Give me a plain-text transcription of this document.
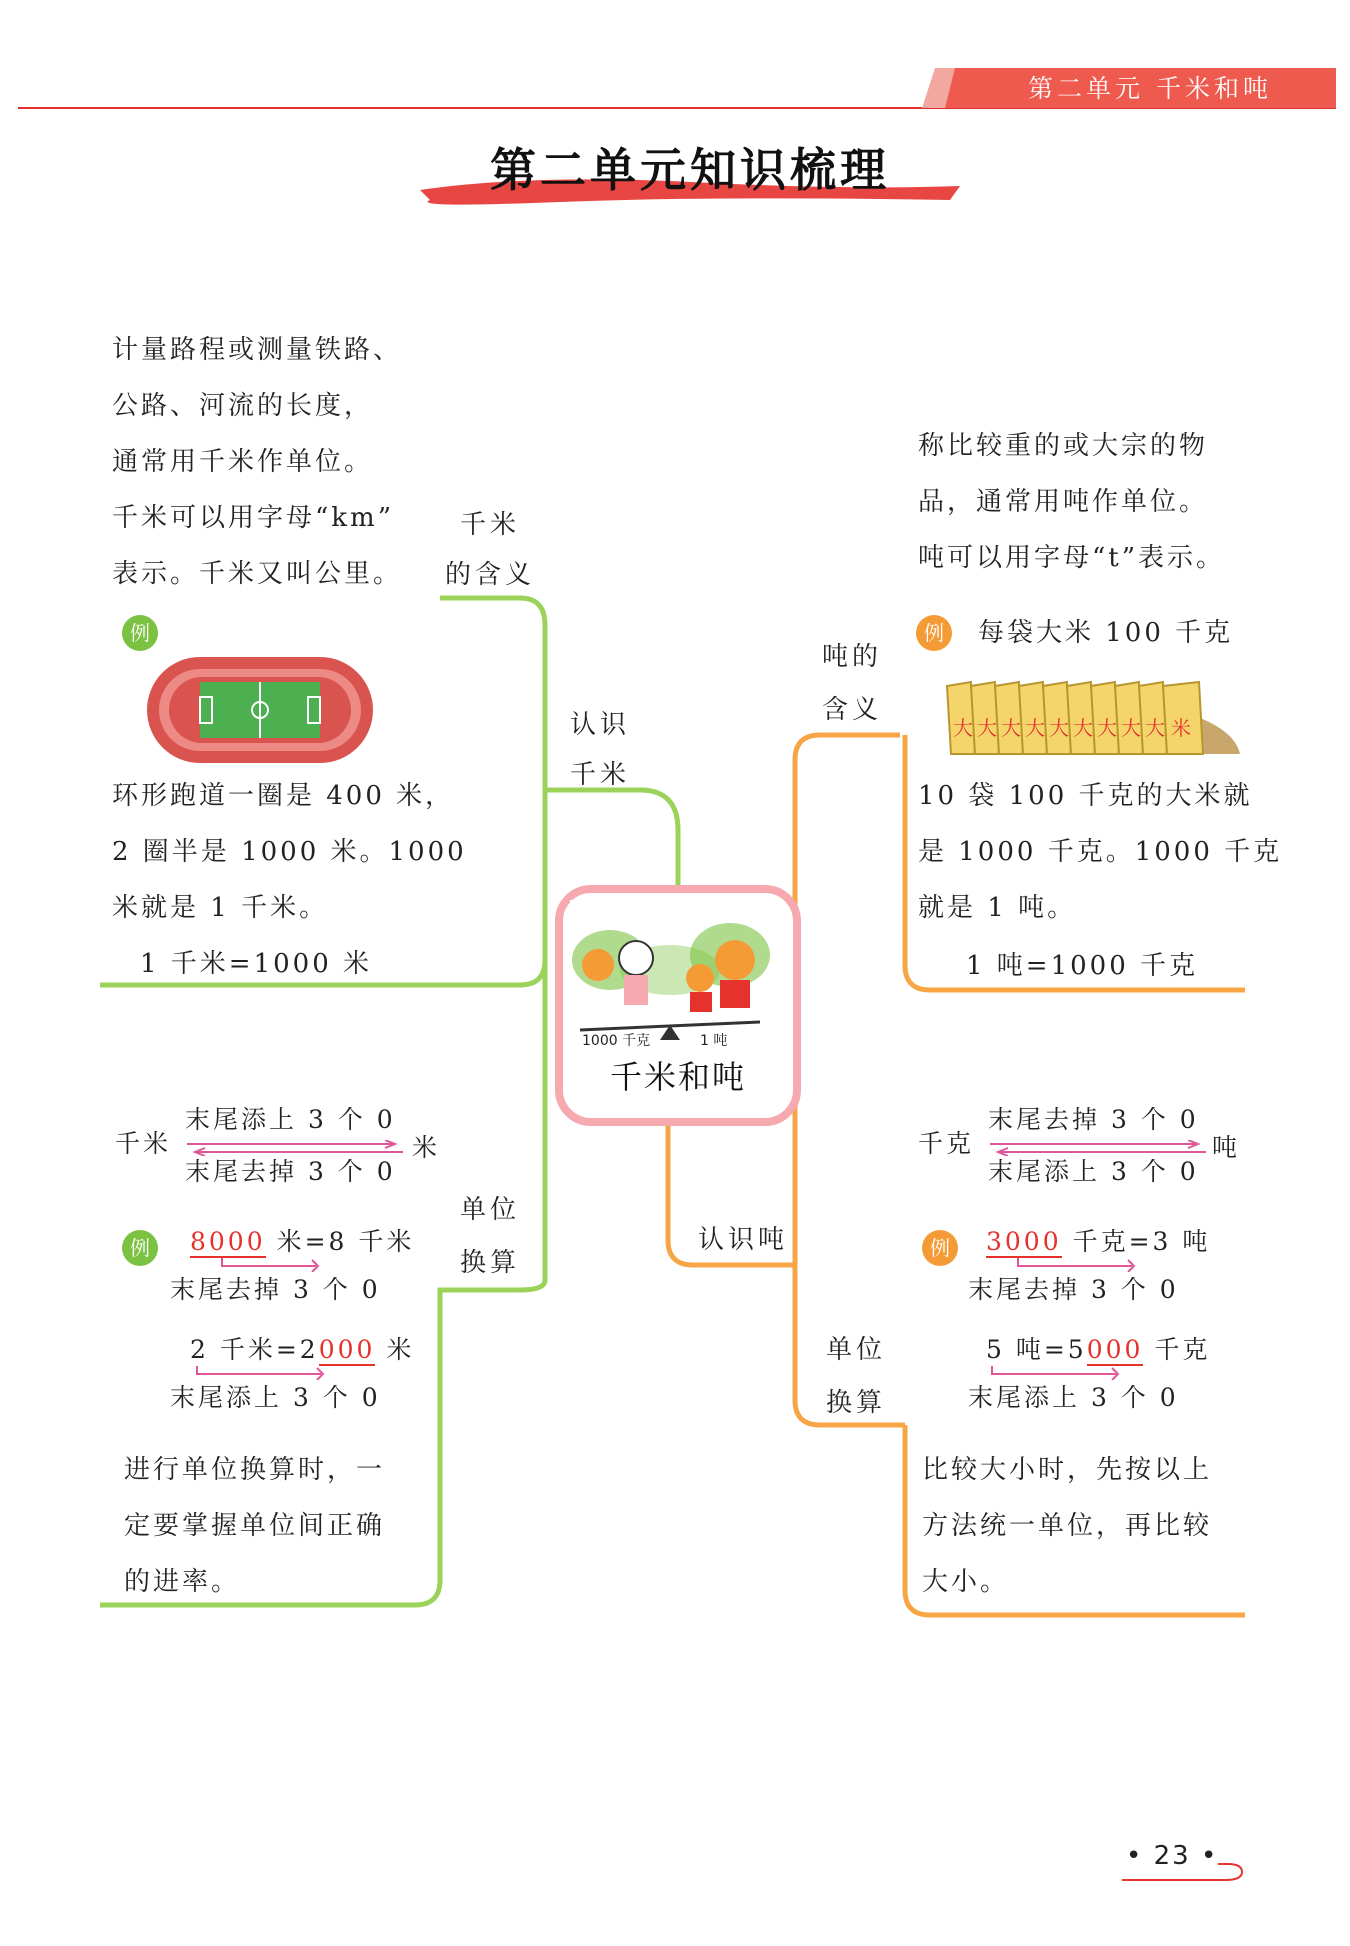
第二单元 千米和吨
第二单元知识梳理
计量路程或测量铁路、
公路、河流的长度，
通常用千米作单位。
千米可以用字母“km”
表示。千米又叫公里。
千米
的含义
例
环形跑道一圈是 400 米，
2 圈半是 1000 米。1000
米就是 1 千米。
1 千米=1000 米
认识
千米
1000 千克	1 吨
千米和吨
千米
末尾添上 3 个 0
末尾去掉 3 个 0
米
单位
换算
例	8000 米=8 千米
末尾去掉 3 个 0
2 千米=2000 米
末尾添上 3 个 0
进行单位换算时，一
定要掌握单位间正确
的进率。
称比较重的或大宗的物
品，通常用吨作单位。
吨可以用字母“t”表示。
吨的
含义
例	每袋大米 100 千克
大 大 大 大 大 大 大 大 大 米
10 袋 100 千克的大米就
是 1000 千克。1000 千克
就是 1 吨。
1 吨=1000 千克
认识吨
千克
末尾去掉 3 个 0
末尾添上 3 个 0
吨
单位
换算
例	3000 千克=3 吨
末尾去掉 3 个 0
5 吨=5000 千克
末尾添上 3 个 0
比较大小时，先按以上
方法统一单位，再比较
大小。
• 23 •
